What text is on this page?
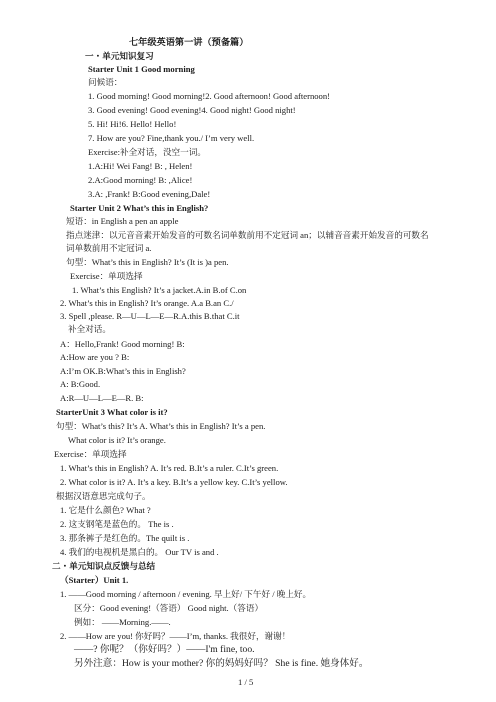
七年级英语第一讲（预备篇）
一・单元知识复习
Starter Unit 1 Good morning
问候语：
1. Good morning! Good morning!2. Good afternoon! Good afternoon!
3. Good evening! Good evening!4. Good night! Good night!
5. Hi! Hi!6. Hello! Hello!
7. How are you? Fine,thank you./ I’m very well.
Exercise:补全对话，没空一词。
1.A:Hi! Wei Fang! B: , Helen!
2.A:Good morning! B: ,Alice!
3.A: ,Frank! B:Good evening,Dale!
Starter Unit 2 What’s this in English?
短语：in English a pen an apple
指点迷津：以元音音素开始发音的可数名词单数前用不定冠词 an；以辅音音素开始发音的可数名
词单数前用不定冠词 a.
句型：What’s this in English? It’s (It is )a pen.
Exercise：单项选择
1. What’s this English? It’s a jacket.A.in B.of C.on
2. What’s this in English? It’s orange. A.a B.an C./
3. Spell ,please. R—U—L—E—R.A.this B.that C.it
补全对话。
A：Hello,Frank! Good morning! B:
A:How are you ? B:
A:I’m OK.B:What’s this in English?
A: B:Good.
A:R—U—L—E—R. B:
StarterUnit 3 What color is it?
句型：What’s this? It’s A. What’s this in English? It’s a pen.
What color is it? It’s orange.
Exercise：单项选择
1. What’s this in English? A. It’s red. B.It’s a ruler. C.It’s green.
2. What color is it? A. It’s a key. B.It’s a yellow key. C.It’s yellow.
根据汉语意思完成句子。
1. 它是什么颜色? What ?
2. 这支钢笔是蓝色的。 The is .
3. 那条裤子是红色的。The quilt is .
4. 我们的电视机是黑白的。 Our TV is and .
二・单元知识点反馈与总结
（Starter）Unit 1.
1. ——Good morning / afternoon / evening. 早上好/ 下午好 / 晚上好。
区分：Good evening!（答语） Good night.（答语）
例如： ——Morning.——.
2. ——How are you! 你好吗？——I’m, thanks. 我很好，谢谢！
——? 你呢？（你好吗？）——I'm fine, too.
另外注意：How is your mother? 你的妈妈好吗？ She is fine. 她身体好。
1 / 5
